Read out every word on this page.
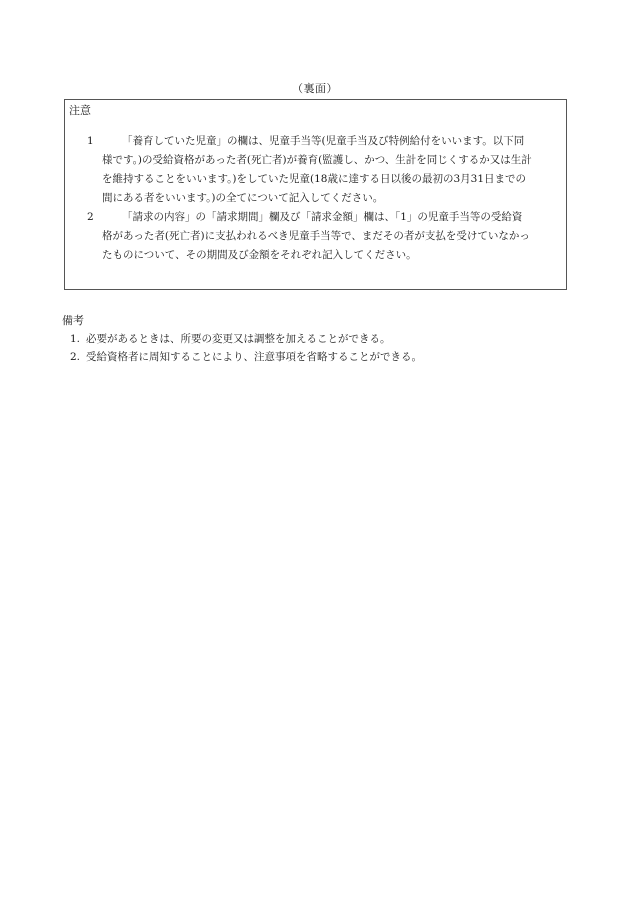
（裏面）
注意
1	「養育していた児童」の欄は、児童手当等(児童手当及び特例給付をいいます。以下同様です。)の受給資格があった者(死亡者)が養育(監護し、かつ、生計を同じくするか又は生計を維持することをいいます。)をしていた児童(18歳に達する日以後の最初の3月31日までの間にある者をいいます。)の全てについて記入してください。
2	「請求の内容」の「請求期間」欄及び「請求金額」欄は、「1」の児童手当等の受給資格があった者(死亡者)に支払われるべき児童手当等で、まだその者が支払を受けていなかったものについて、その期間及び金額をそれぞれ記入してください。
備考
1. 必要があるときは、所要の変更又は調整を加えることができる。
2. 受給資格者に周知することにより、注意事項を省略することができる。
